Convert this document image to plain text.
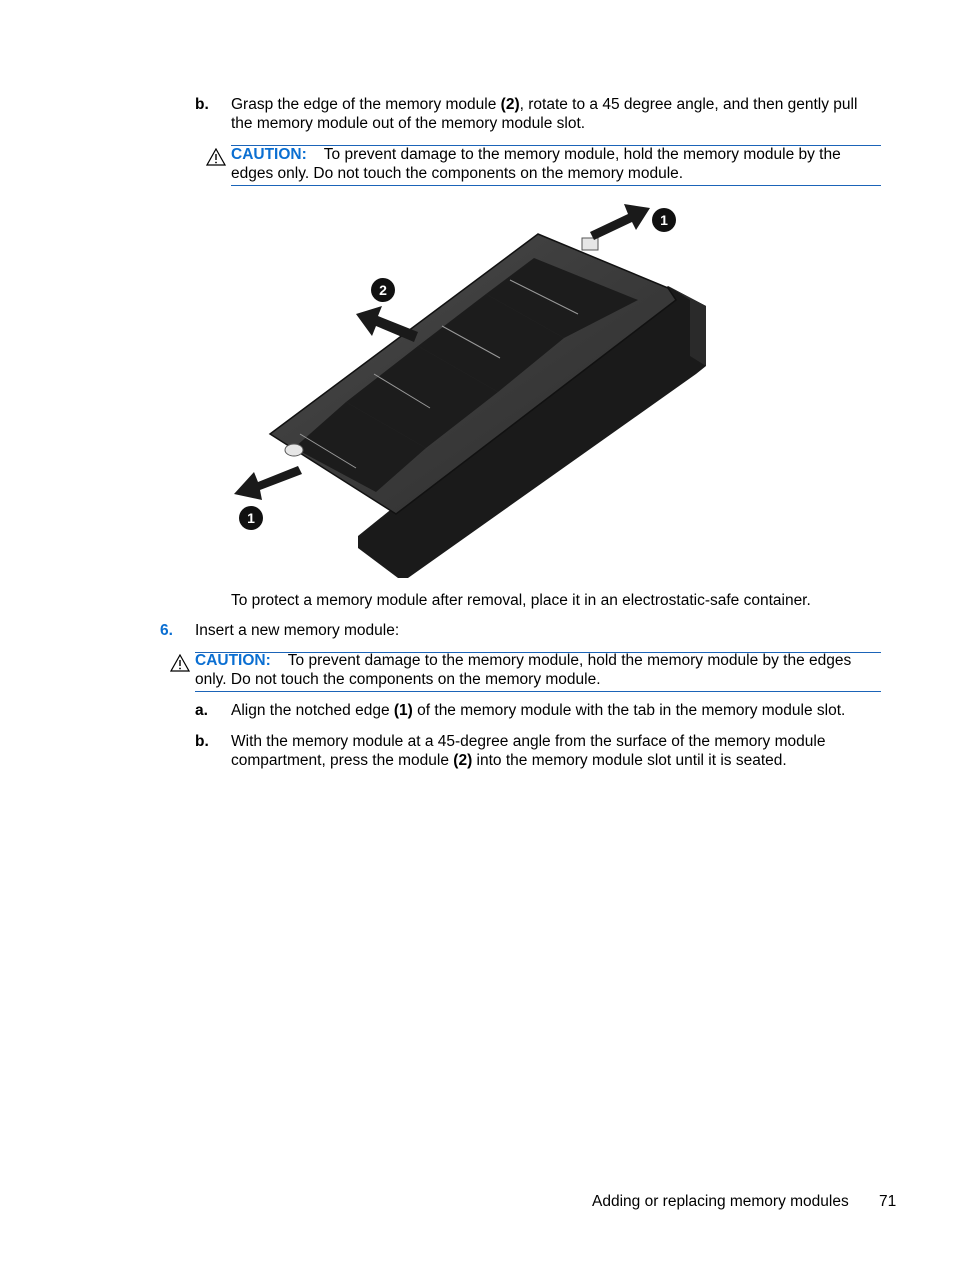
b. Grasp the edge of the memory module (2), rotate to a 45 degree angle, and then gently pull
the memory module out of the memory module slot.
CAUTION: To prevent damage to the memory module, hold the memory module by the
edges only. Do not touch the components on the memory module.
1
2
1
To protect a memory module after removal, place it in an electrostatic-safe container.
6. Insert a new memory module:
CAUTION: To prevent damage to the memory module, hold the memory module by the edges
only. Do not touch the components on the memory module.
a. Align the notched edge (1) of the memory module with the tab in the memory module slot.
b. With the memory module at a 45-degree angle from the surface of the memory module
compartment, press the module (2) into the memory module slot until it is seated.
Adding or replacing memory modules 71
